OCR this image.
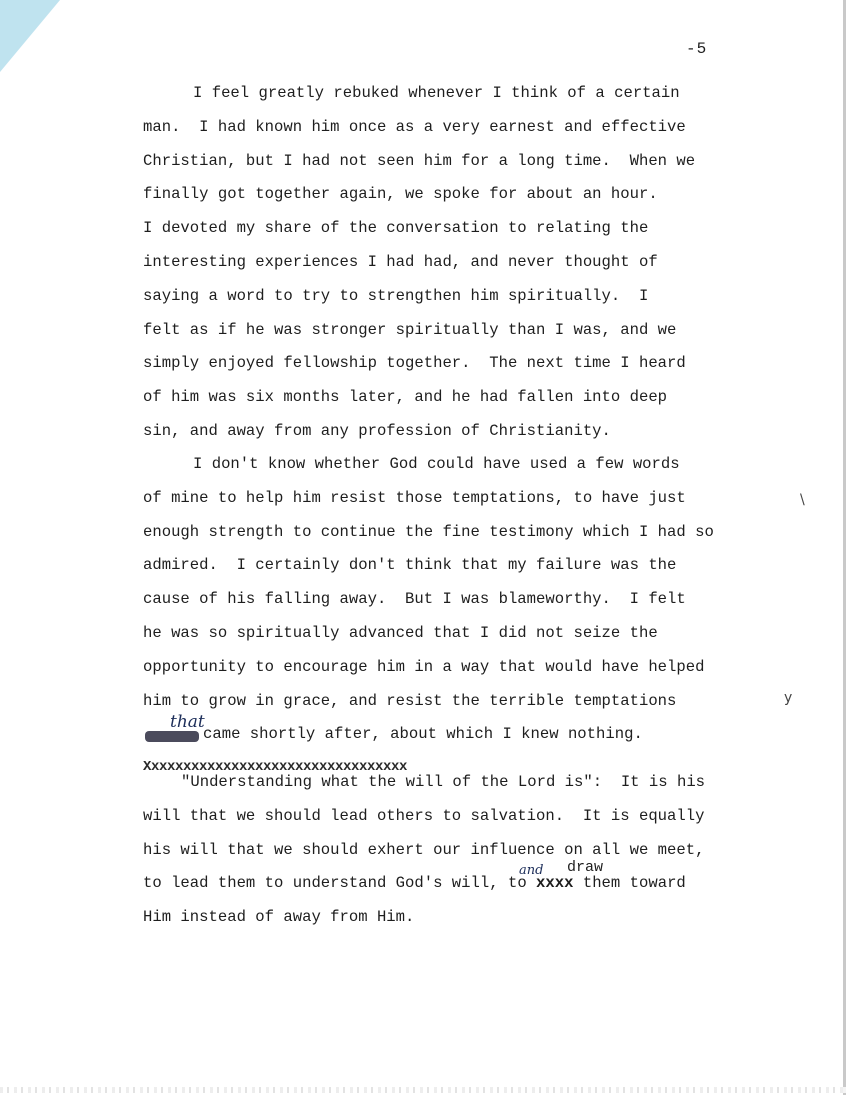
-5
I feel greatly rebuked whenever I think of a certain
man.  I had known him once as a very earnest and effective
Christian, but I had not seen him for a long time.  When we
finally got together again, we spoke for about an hour.
I devoted my share of the conversation to relating the
interesting experiences I had had, and never thought of
saying a word to try to strengthen him spiritually.  I
felt as if he was stronger spiritually than I was, and we
simply enjoyed fellowship together.  The next time I heard
of him was six months later, and he had fallen into deep
sin, and away from any profession of Christianity.
I don't know whether God could have used a few words
of mine to help him resist those temptations, to have just
enough strength to continue the fine testimony which I had so
admired.  I certainly don't think that my failure was the
cause of his falling away.  But I was blameworthy.  I felt
he was so spiritually advanced that I did not seize the
opportunity to encourage him in a way that would have helped
him to grow in grace, and resist the terrible temptations
came shortly after, about which I knew nothing.
that
Xxxxxxxxxxxxxxxxxxxxxxxxxxxxxxxxx
"Understanding what the will of the Lord is":  It is his
will that we should lead others to salvation.  It is equally
his will that we should exhert our influence on all we meet,
to lead them to understand God's will, to xxxx them toward
Him instead of away from Him.
and draw
\
y
